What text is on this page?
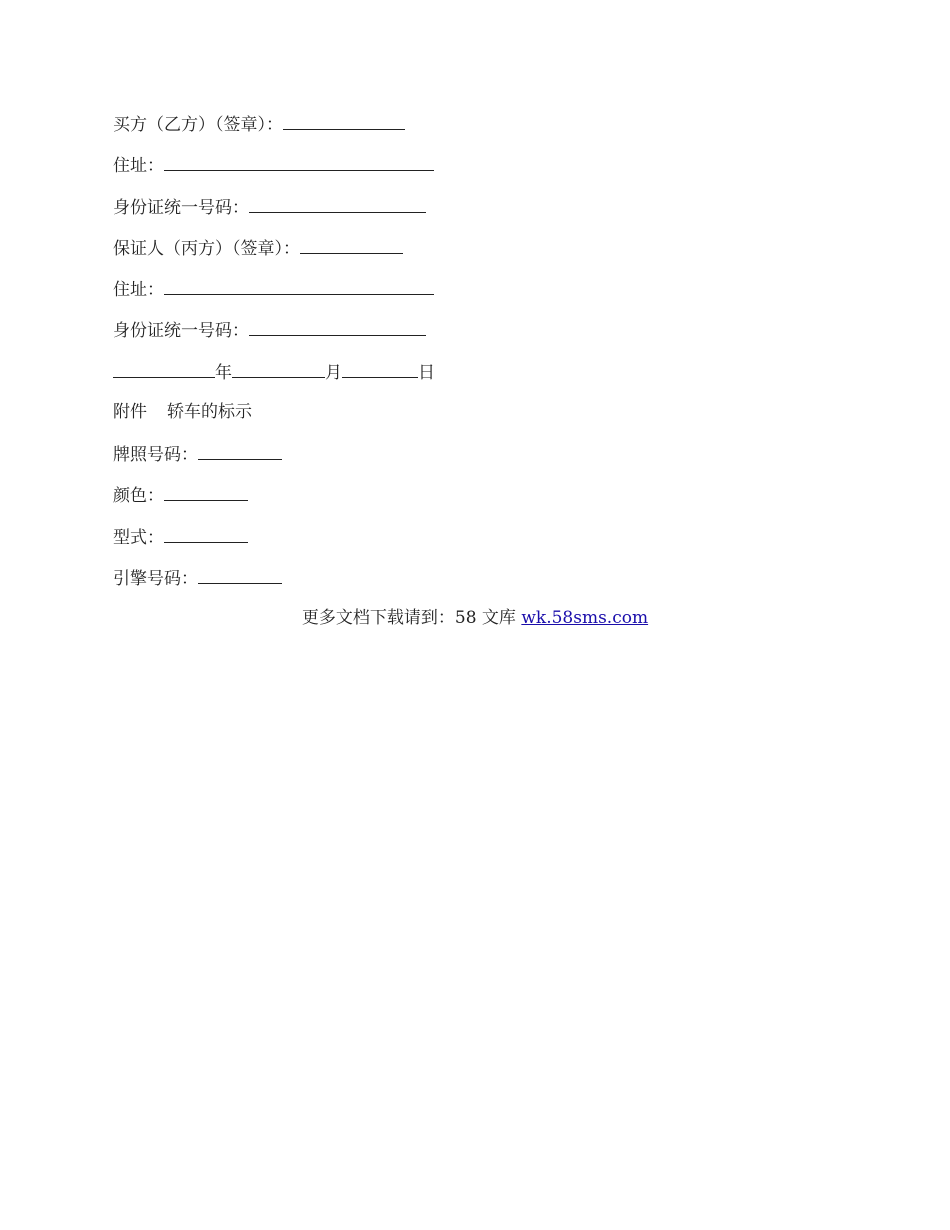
买方（乙方）（签章）：
住址：
身份证统一号码：
保证人（丙方）（签章）：
住址：
身份证统一号码：
年	月	日
附件 轿车的标示
牌照号码：
颜色：
型式：
引擎号码：
更多文档下载请到：58 文库 wk.58sms.com
